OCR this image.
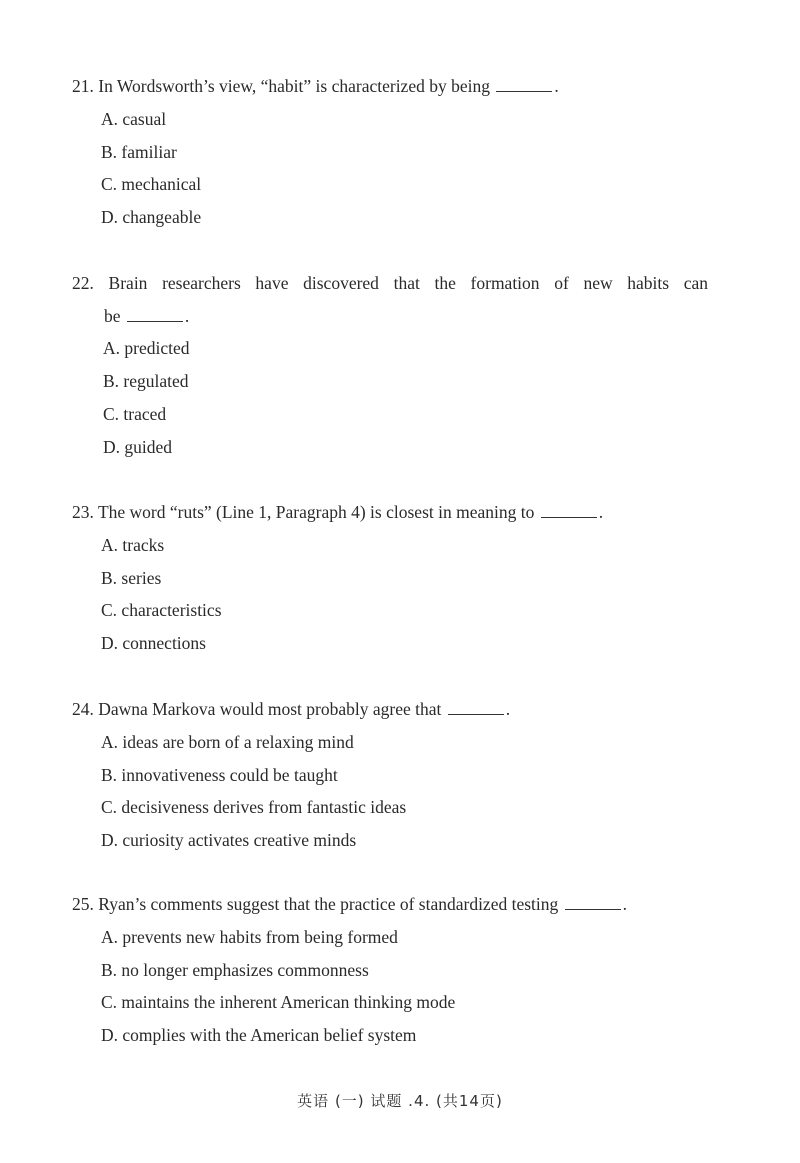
21. In Wordsworth’s view, “habit” is characterized by being	.
A. casual
B. familiar
C. mechanical
D. changeable
22. Brain researchers have discovered that the formation of new habits can
be	.
A. predicted
B. regulated
C. traced
D. guided
23. The word “ruts” (Line 1, Paragraph 4) is closest in meaning to	.
A. tracks
B. series
C. characteristics
D. connections
24. Dawna Markova would most probably agree that	.
A. ideas are born of a relaxing mind
B. innovativeness could be taught
C. decisiveness derives from fantastic ideas
D. curiosity activates creative minds
25. Ryan’s comments suggest that the practice of standardized testing	.
A. prevents new habits from being formed
B. no longer emphasizes commonness
C. maintains the inherent American thinking mode
D. complies with the American belief system
英语 (一) 试题 .4. (共14页)
